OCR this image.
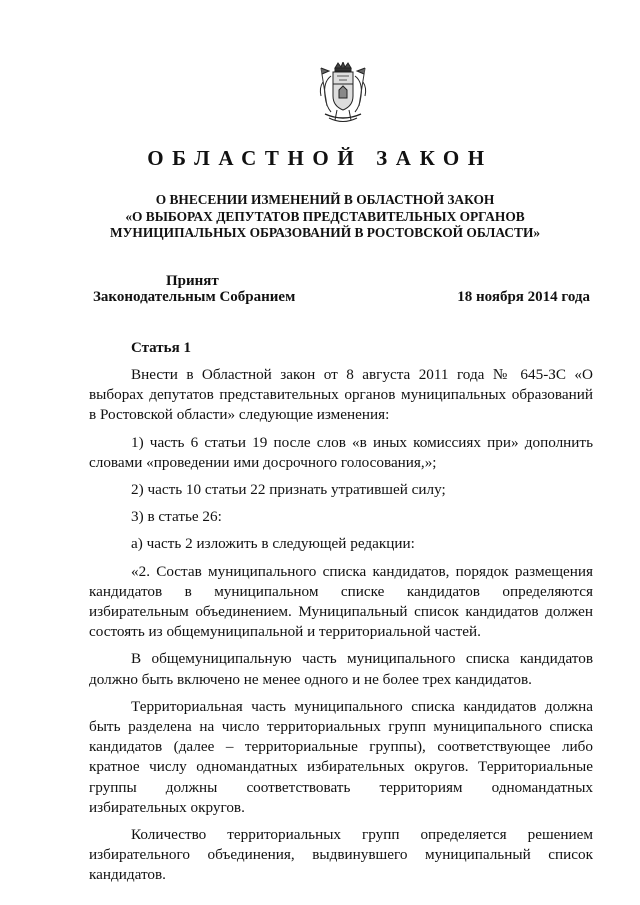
ОБЛАСТНОЙ ЗАКОН
О ВНЕСЕНИИ ИЗМЕНЕНИЙ В ОБЛАСТНОЙ ЗАКОН
«О ВЫБОРАХ ДЕПУТАТОВ ПРЕДСТАВИТЕЛЬНЫХ ОРГАНОВ
МУНИЦИПАЛЬНЫХ ОБРАЗОВАНИЙ В РОСТОВСКОЙ ОБЛАСТИ»
Принят
Законодательным Собранием	18 ноября 2014 года
Статья 1

Внести в Областной закон от 8 августа 2011 года № 645-ЗС «О выборах депутатов представительных органов муниципальных образований в Ростовской области» следующие изменения:

1) часть 6 статьи 19 после слов «в иных комиссиях при» дополнить словами «проведении ими досрочного голосования,»;

2) часть 10 статьи 22 признать утратившей силу;

3) в статье 26:

а) часть 2 изложить в следующей редакции:

«2. Состав муниципального списка кандидатов, порядок размещения кандидатов в муниципальном списке кандидатов определяются избирательным объединением. Муниципальный список кандидатов должен состоять из общемуниципальной и территориальной частей.

В общемуниципальную часть муниципального списка кандидатов должно быть включено не менее одного и не более трех кандидатов.

Территориальная часть муниципального списка кандидатов должна быть разделена на число территориальных групп муниципального списка кандидатов (далее – территориальные группы), соответствующее либо кратное числу одномандатных избирательных округов. Территориальные группы должны соответствовать территориям одномандатных избирательных округов.

Количество территориальных групп определяется решением избирательного объединения, выдвинувшего муниципальный список кандидатов.
